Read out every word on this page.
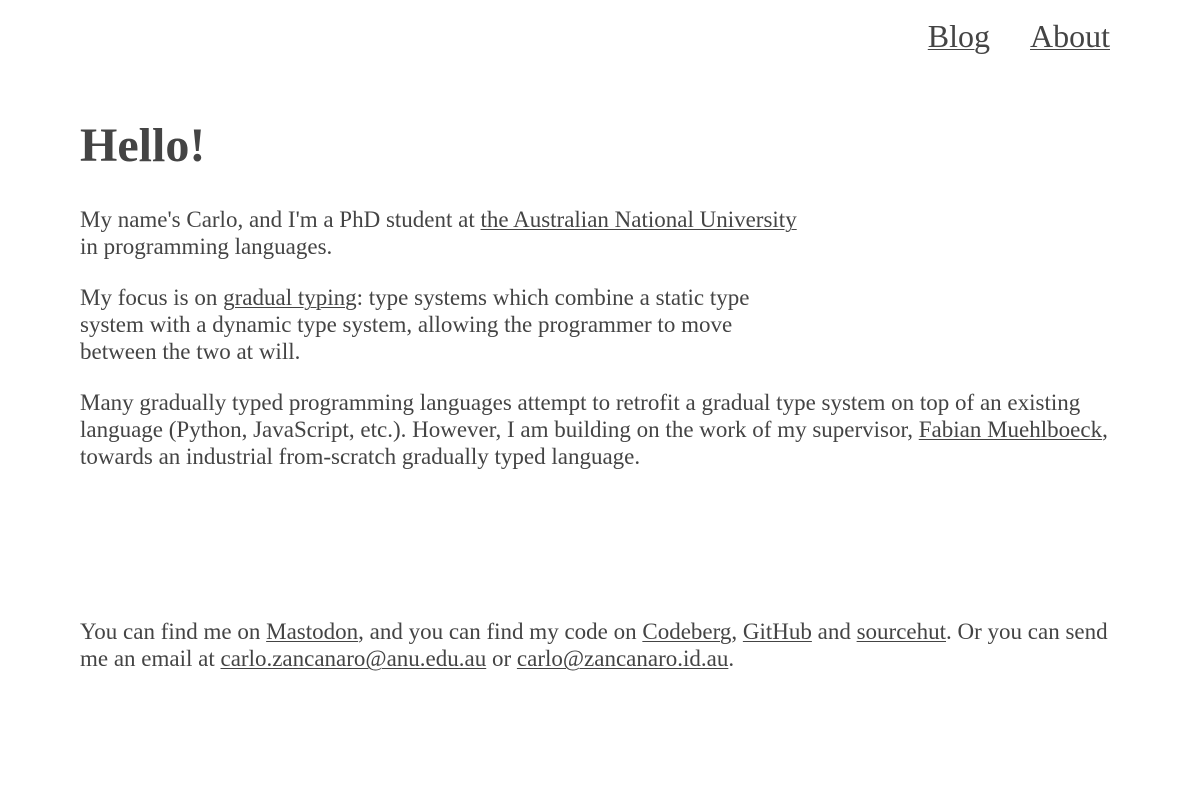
Blog About
Hello!

My name's Carlo, and I'm a PhD student at the Australian National University in programming languages.

My focus is on gradual typing: type systems which combine a static type system with a dynamic type system, allowing the programmer to move between the two at will.

Many gradually typed programming languages attempt to retrofit a gradual type system on top of an existing language (Python, JavaScript, etc.). However, I am building on the work of my supervisor, Fabian Muehlboeck, towards an industrial from-scratch gradually typed language.

You can find me on Mastodon, and you can find my code on Codeberg, GitHub and sourcehut. Or you can send me an email at carlo.zancanaro@anu.edu.au or carlo@zancanaro.id.au.
